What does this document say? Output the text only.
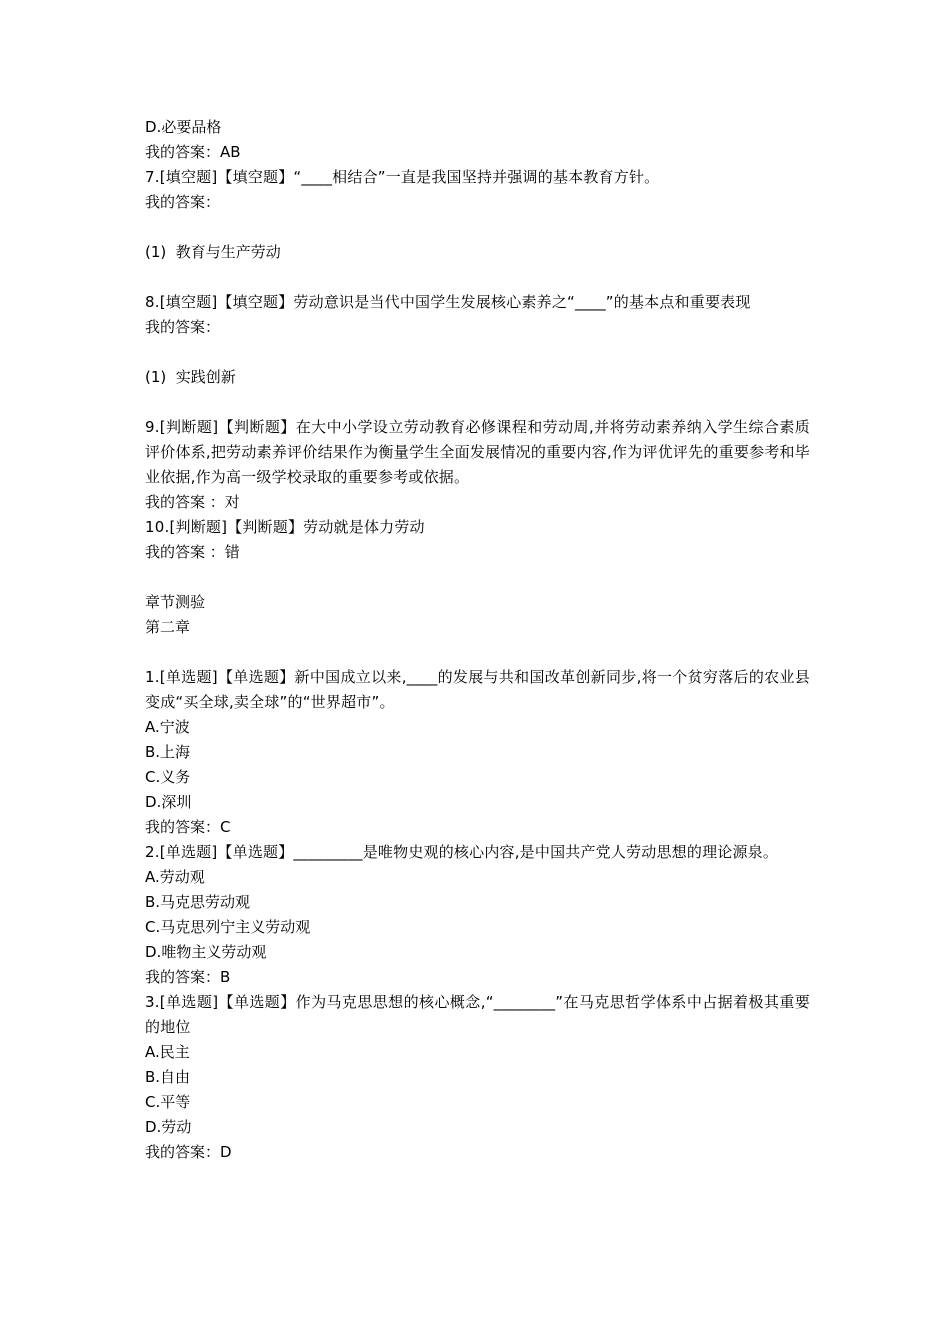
D.必要品格
我的答案：AB
7.[填空题]【填空题】“____相结合”一直是我国坚持并强调的基本教育方针。
我的答案：
(1)  教育与生产劳动
8.[填空题]【填空题】劳动意识是当代中国学生发展核心素养之“____”的基本点和重要表现
我的答案：
(1)  实践创新
9.[判断题]【判断题】在大中小学设立劳动教育必修课程和劳动周,并将劳动素养纳入学生综合素质评价体系,把劳动素养评价结果作为衡量学生全面发展情况的重要内容,作为评优评先的重要参考和毕业依据,作为高一级学校录取的重要参考或依据。
我的答案 ：对
10.[判断题]【判断题】劳动就是体力劳动
我的答案 ：错
章节测验
第二章
1.[单选题]【单选题】新中国成立以来,____的发展与共和国改革创新同步,将一个贫穷落后的农业县变成“买全球,卖全球”的“世界超市”。
A.宁波
B.上海
C.义务
D.深圳
我的答案：C
2.[单选题]【单选题】_________是唯物史观的核心内容,是中国共产党人劳动思想的理论源泉。
A.劳动观
B.马克思劳动观
C.马克思列宁主义劳动观
D.唯物主义劳动观
我的答案：B
3.[单选题]【单选题】作为马克思思想的核心概念,“________”在马克思哲学体系中占据着极其重要的地位
A.民主
B.自由
C.平等
D.劳动
我的答案：D
